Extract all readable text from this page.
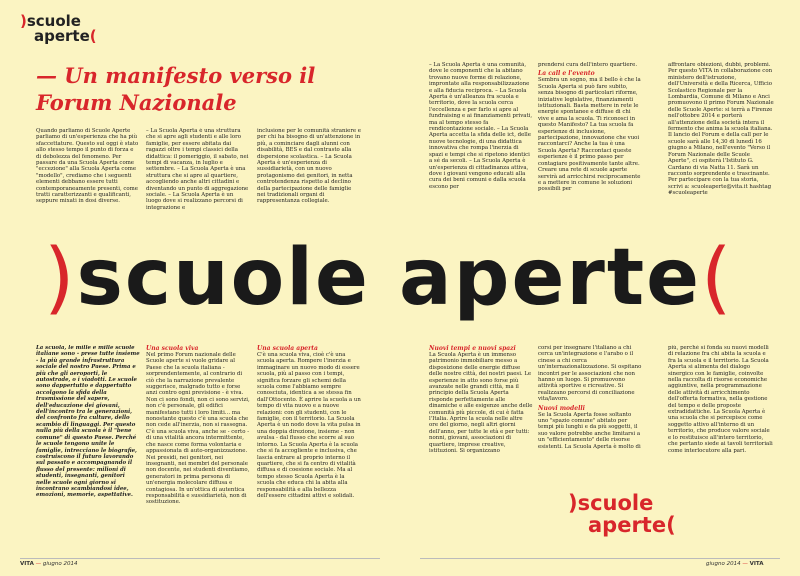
)scuole
aperte(
— Un manifesto verso il Forum Nazionale

Quando parliamo di Scuole Aperte parliamo di un'esperienza che ha più sfaccettature. Questo sul oggi è stato allo stesso tempo il punto di forza e di debolezza del fenomeno. Per passare da una Scuola Aperta come "eccezione" alla Scuola Aperta come "modello", crediamo che i seguenti elementi debbano essere tutti contemporaneamente presenti, come tratti caratterizzanti e qualificanti, seppure mixati in dosi diverse.

– La Scuola Aperta è una struttura che si apre agli studenti e alle loro famiglie, per essere abitata dai ragazzi oltre i tempi classici della didattica: il pomeriggio, il sabato, nei tempi di vacanza, in luglio e settembre. – La Scuola Aperta è una struttura che si apre al quartiere, accogliendo anche altri cittadini e diventando un punto di aggregazione sociale. – La Scuola Aperta è un luogo dove si realizzano percorsi di integrazione e

inclusione per le comunità straniere e per chi ha bisogno di un'attenzione in più, a cominciare dagli alunni con disabilità, BES e dal contrasto alla dispersione scolastica. – La Scuola Aperta è un'esperienza di sussidiarietà, con un nuovo protagonismo dei genitori, in netta controtendenza rispetto al declino della partecipazione delle famiglie nei tradizionali organi di rappresentanza collegiale.

– La Scuola Aperta è una comunità, dove le componenti che la abitano trovano nuove forme di relazione, improntate alla responsabilizzazione e alla fiducia reciproca. – La Scuola Aperta è un'alleanza fra scuola e territorio, dove la scuola cerca l'eccellenza e per farlo si apre al fundraising e ai finanziamenti privati, ma al tempo stesso fa rendicontazione sociale. – La Scuola Aperta accetta la sfida delle ict, delle nuove tecnologie, di una didattica innovativa che rompa l'inerzia di spazi e tempi che si ripetono identici a sé da secoli. – La Scuola Aperta è un'esperienza di cittadinanza attiva, dove i giovani vengono educati alla cura dei beni comuni e dalla scuola escono per

prendersi cura dell'intero quartiere.

La call e l'evento

Sembra un sogno, ma il bello è che la Scuola Aperta si può fare subito, senza bisogno di particolari riforme, iniziative legislative, finanziamenti istituzionali. Basta mettere in rete le energie spontanee e diffuse di chi vive e ama la scuola. Ti riconosci in questo Manifesto? La tua scuola fa esperienze di inclusione, partecipazione, innovazione che vuoi raccontarci? Anche la tua è una Scuola Aperta? Raccontaci queste esperienze è il primo passo per contagiare positivamente tante altre. Creare una rete di scuole aperte servirà ad arricchirsi reciprocamente e a mettere in comune le soluzioni possibili per

affrontare obiezioni, dubbi, problemi. Per questo VITA in collaborazione con ministero dell'istruzione, dell'Università e della Ricerca, Ufficio Scolastico Regionale per la Lombardia, Comune di Milano e Anci promuovono il primo Forum Nazionale delle Scuole Aperte: si terrà a Firenze nell'ottobre 2014 e porterà all'attenzione della società intera il fermento che anima la scuola italiana. Il lancio del Forum e della call per le scuole sarà alle 14,30 di lunedì 16 giugno a Milano, nell'evento "Verso il Forum Nazionale delle Scuole Aperte", ci ospiterà l'Istituto G. Cardano di via Natta 11. Sarà un racconto sorprendente e trascinante. Per partecipare con la tua storia, scrivi a: scuoleaperte@vita.it hashtag #scuoleaperte

)scuole aperte(

La scuola, le mille e mille scuole italiane sono - prese tutte insieme - la più grande infrastruttura sociale del nostro Paese. Prima e più che gli aeroporti, le autostrade, o i viadotti. Le scuole sono dappertutto e dappertutto accolgono la sfida della trasmissione del sapere, dell'educazione dei giovani, dell'incontro tra le generazioni, del confronto fra culture, dello scambio di linguaggi. Per questo nulla più della scuola è il "bene comune" di questo Paese. Perché le scuole tengono unite le famiglie, intrecciano le biografie, costruiscono il futuro lavorando sul passato e accompagnando il flusso del presente: milioni di studenti, insegnanti, genitori nelle scuole ogni giorno si incontrano scambiandosi idee, emozioni, memorie, aspettative.

Una scuola viva

Nel primo Forum nazionale delle Scuole aperte si vuole gridare al Paese che la scuola italiana - sorprendentemente, al contrario di ciò che la narrazione prevalente suggerisce, malgrado tutto e forse anzi contro ogni previsione - è viva. Non ci sono fondi, non ci sono servizi, non c'è personale, gli edifici manifestano tutti i loro limiti… ma nonostante questo c'è una scuola che non cede all'inerzia, non si rassegna. C'è una scuola viva, anche se - certo - di una vitalità ancora intermittente, che nasce come forma volontaria e appassionata di auto-organizzazione. Nei presidi, nei genitori, nei insegnanti, nei membri del personale non docente, nei studenti diventiamo, generatori in prima persona di un'energia molecolare diffusa e contagiosa. In un'ottica di autentica responsabilità e sussidiarietà, non di sostituzione.

Una scuola aperta

C'è una scuola viva, cioè c'è una scuola aperta. Rompere l'inerzia e immaginare un nuovo modo di essere scuola, più al passo con i tempi, significa forzare gli schemi della scuola come l'abbiamo sempre conosciuta, identica a se stessa fin dall'Ottocento. È aprire la scuola a un tempo di vita nuovo e a nuove relazioni: con gli studenti, con le famiglie, con il territorio. La Scuola Aperta è un nodo dove la vita pulsa in una doppia direzione, insieme - non avulsa - dal flusso che scorre al suo intorno. La Scuola Aperta è la scuola che si fa accogliente e inclusiva, che lascia entrare al proprio interno il quartiere, che si fa centro di vitalità diffusa e di coesione sociale. Ma al tempo stesso Scuola Aperta è la scuola che educa chi la abita alla responsabilità e alla bellezza dell'essere cittadini attivi e solidali.

Nuovi tempi e nuovi spazi

La Scuola Aperta è un immenso patrimonio immobiliare messo a disposizione delle energie diffuse delle nostre città, dei nostri paesi. Le esperienze in atto sono forse più avanzate nelle grandi città, ma il principio della Scuola Aperta risponde perfettamente alle dinamiche e alle esigenze anche delle comunità più piccole, di cui è fatta l'Italia. Aprire la scuola nelle altre ore del giorno, negli altri giorni dell'anno, per tutte le età e per tutti: nonni, giovani, associazioni di quartiere, imprese creative, istituzioni. Si organizzano

corsi per insegnare l'italiano a chi cerca un'integrazione e l'arabo o il cinese a chi cerca un'internazionalizzazione. Si ospitano incontri per le associazioni che non hanno un luogo. Si promuovono attività sportive e ricreative. Si realizzano percorsi di conciliazione vita/lavoro.

Nuovi modelli

Se la Scuola Aperta fosse soltanto uno "spazio comune" abitato per tempi più lunghi e da più soggetti, il suo valore potrebbe anche limitarsi a un "efficientamento" delle risorse esistenti. La Scuola Aperta è molto di

più, perché si fonda su nuovi modelli di relazione fra chi abita la scuola e fra la scuola e il territorio. La Scuola Aperta si alimenta del dialogo sinergico con le famiglie, coinvolte nella raccolta di risorse economiche aggiuntive, nella programmazione delle attività di arricchimento dell'offerta formativa, nella gestione del tempo e delle proposte extradidattiche. La Scuola Aperta è una scuola che si percepisce come soggetto attivo all'interno di un territorio, che produce valore sociale e lo restituisce all'intero territorio, che pertanto siede ai tavoli territoriali come interlocutore alla pari.

)scuole
aperte(
VITA — giugno 2014	giugno 2014 — VITA
